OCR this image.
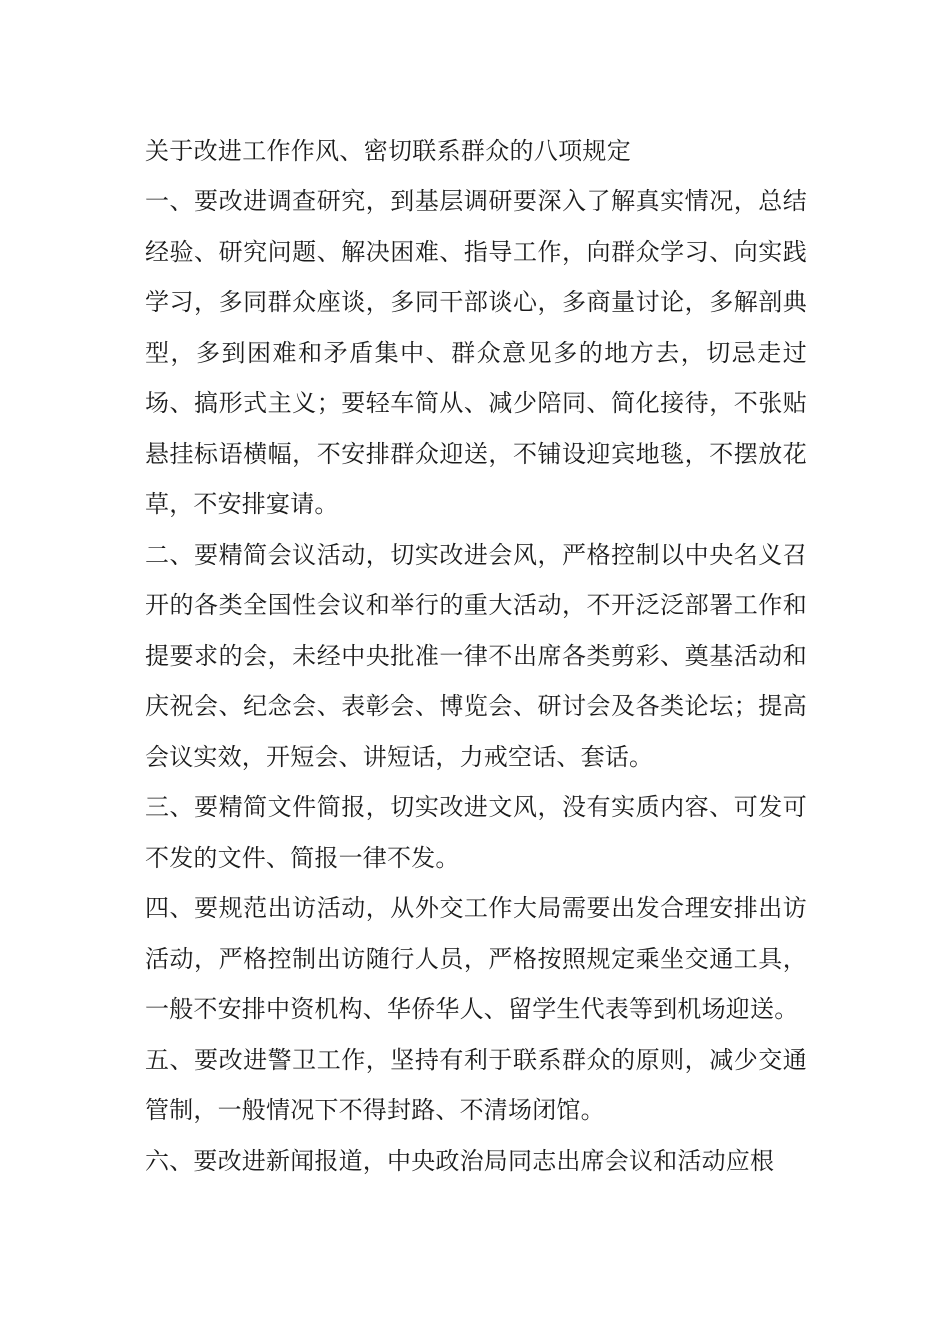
关于改进工作作风、密切联系群众的八项规定

一、要改进调查研究，到基层调研要深入了解真实情况，总结经验、研究问题、解决困难、指导工作，向群众学习、向实践学习，多同群众座谈，多同干部谈心，多商量讨论，多解剖典型，多到困难和矛盾集中、群众意见多的地方去，切忌走过场、搞形式主义；要轻车简从、减少陪同、简化接待，不张贴悬挂标语横幅，不安排群众迎送，不铺设迎宾地毯，不摆放花草，不安排宴请。

二、要精简会议活动，切实改进会风，严格控制以中央名义召开的各类全国性会议和举行的重大活动，不开泛泛部署工作和提要求的会，未经中央批准一律不出席各类剪彩、奠基活动和庆祝会、纪念会、表彰会、博览会、研讨会及各类论坛；提高会议实效，开短会、讲短话，力戒空话、套话。

三、要精简文件简报，切实改进文风，没有实质内容、可发可不发的文件、简报一律不发。

四、要规范出访活动，从外交工作大局需要出发合理安排出访活动，严格控制出访随行人员，严格按照规定乘坐交通工具，一般不安排中资机构、华侨华人、留学生代表等到机场迎送。

五、要改进警卫工作，坚持有利于联系群众的原则，减少交通管制，一般情况下不得封路、不清场闭馆。

六、要改进新闻报道，中央政治局同志出席会议和活动应根
